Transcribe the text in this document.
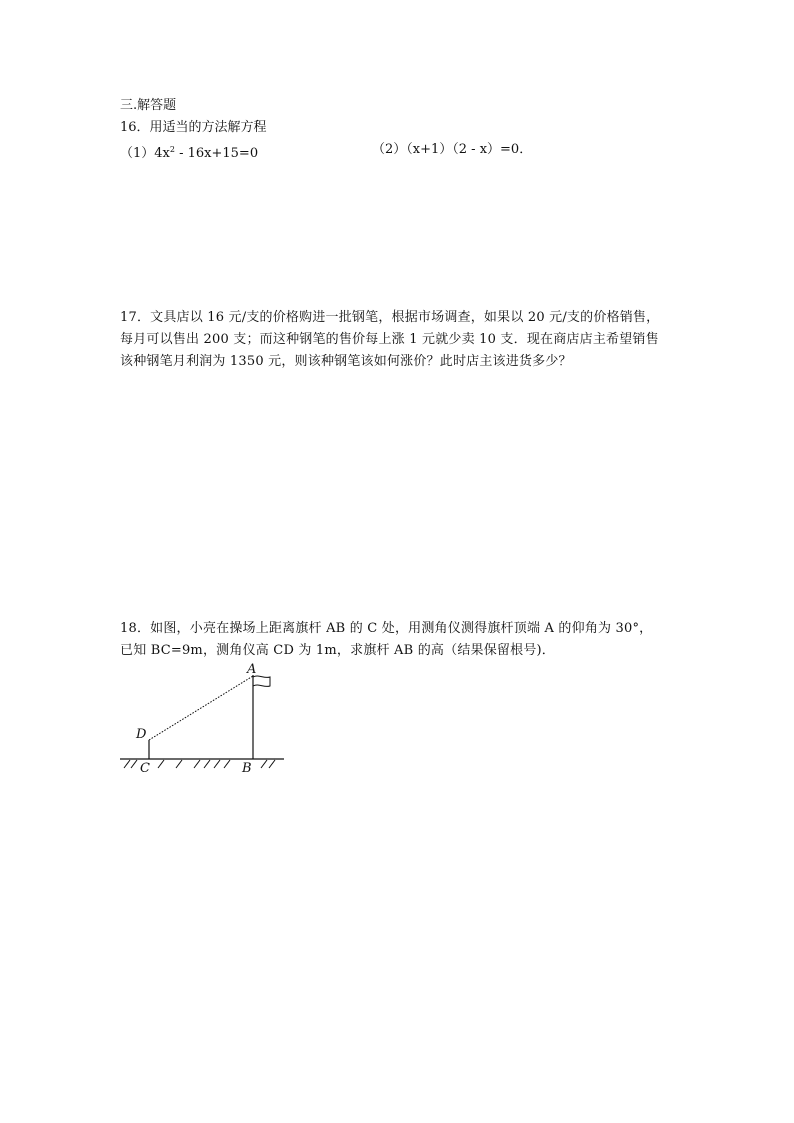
三.解答题
16．用适当的方法解方程
$(1)4x^2 - 16x+15=0$	（2）（x+1）（2 - x）=0．
17．文具店以 16 元/支的价格购进一批钢笔，根据市场调查，如果以 20 元/支的价格销售，
每月可以售出 200 支；而这种钢笔的售价每上涨 1 元就少卖 10 支．现在商店店主希望销售
该种钢笔月利润为 1350 元，则该种钢笔该如何涨价？此时店主该进货多少？
18．如图，小亮在操场上距离旗杆 AB 的 C 处，用测角仪测得旗杆顶端 A 的仰角为 30°，
已知 BC=9m，测角仪高 CD 为 1m，求旗杆 AB 的高（结果保留根号)．
A
B
C
D
